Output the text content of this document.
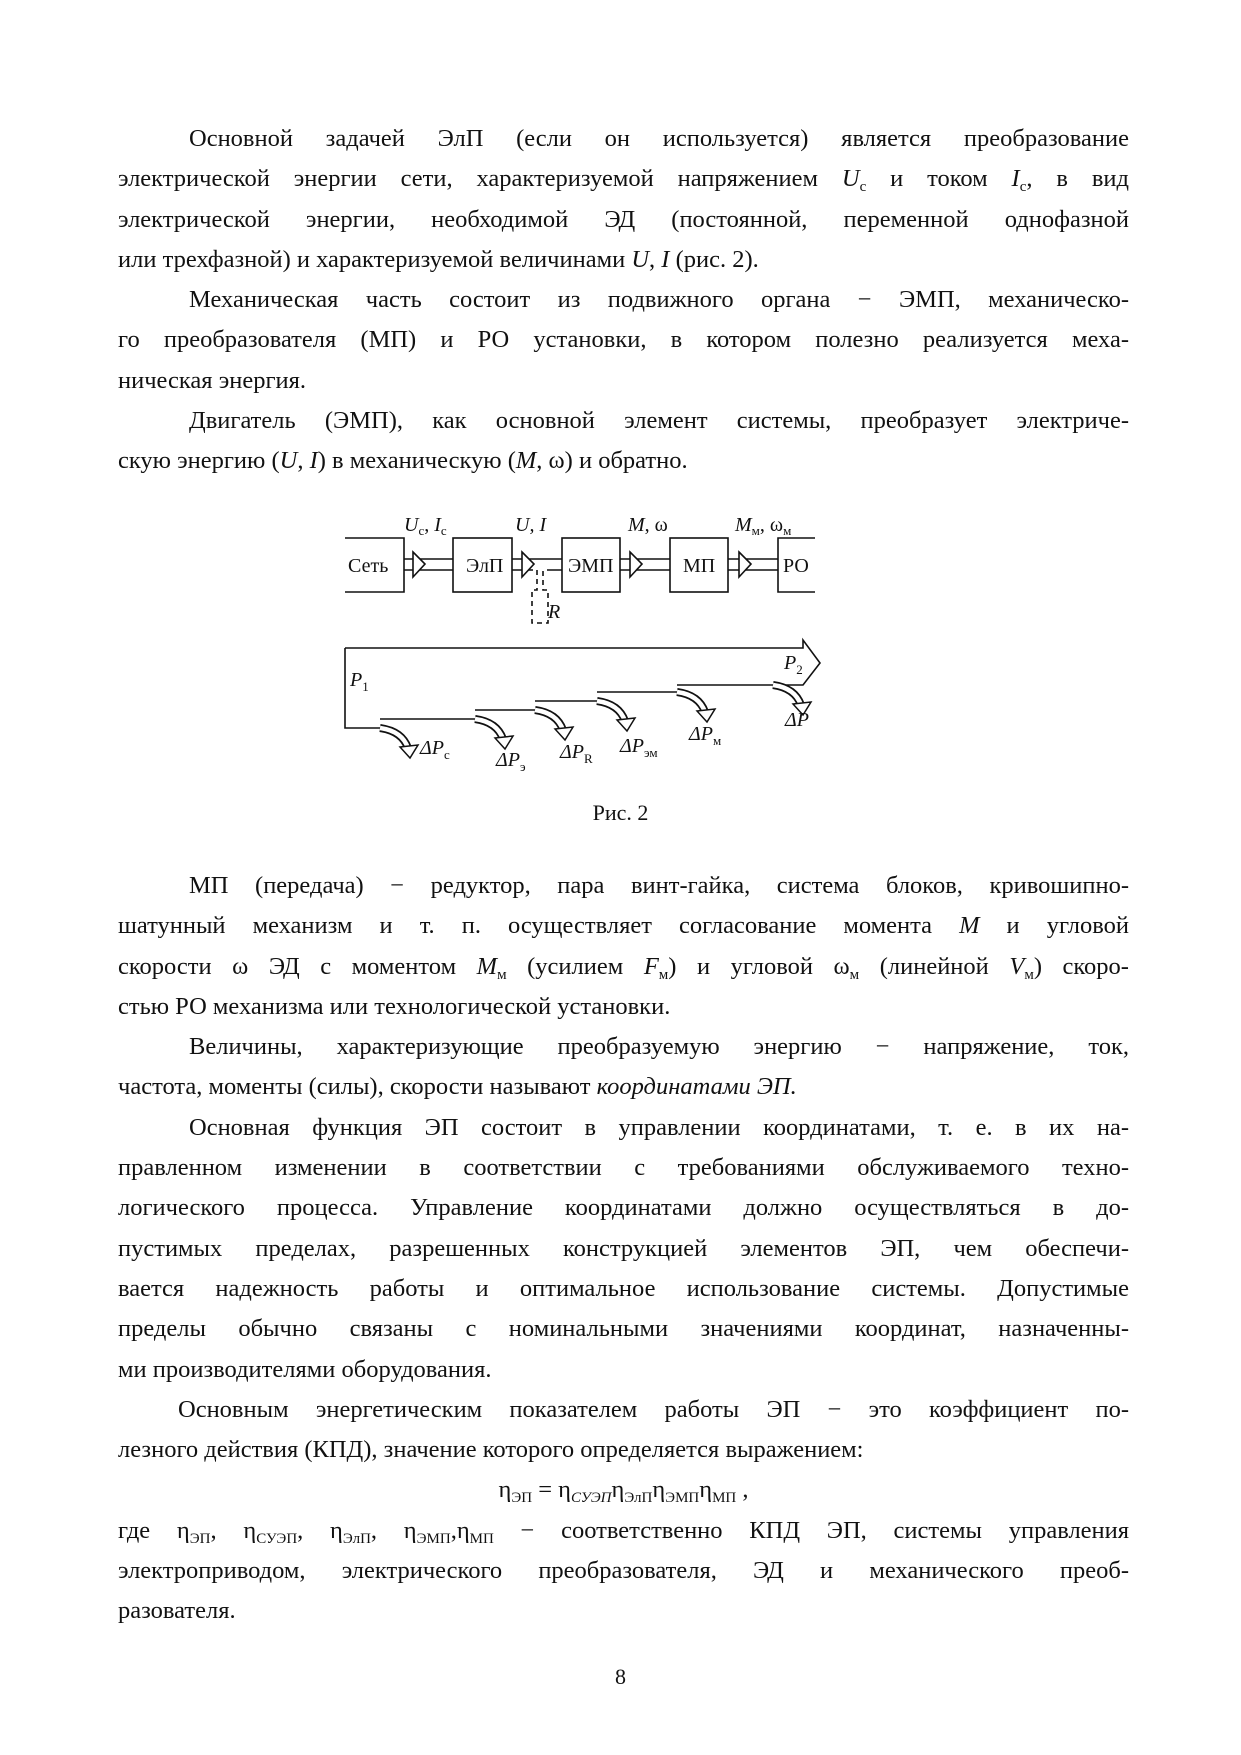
Основной задачей ЭлП (если он используется) является преобразование
электрической энергии сети, характеризуемой напряжением $U_с$ и током $I_с$, в вид
электрической энергии, необходимой ЭД (постоянной, переменной однофазной
или трехфазной) и характеризуемой величинами U, I (рис. 2).
Механическая часть состоит из подвижного органа − ЭМП, механическо-
го преобразователя (МП) и РО установки, в котором полезно реализуется меха-
ническая энергия.
Двигатель (ЭМП), как основной элемент системы, преобразует электриче-
скую энергию (U, I) в механическую (M, ω) и обратно.
Сеть	ЭлП	ЭМП	МП	РО
R
$U_с$, $I_с$	U, I	M, ω	$M_м$, $\omega_м$
$P_1$
$P_2$
$\Delta P_с$ $\Delta P_э$
$\Delta P_R$
$\Delta P_{эм}$
$\Delta P_м$
ΔP
Рис. 2
МП (передача) − редуктор, пара винт-гайка, система блоков, кривошипно-
шатунный механизм и т. п. осуществляет согласование момента M и угловой
скорости ω ЭД с моментом $M_м$ (усилием $F_м$) и угловой $\omega_м$ (линейной $V_м$) скоро-
стью РО механизма или технологической установки.
Величины, характеризующие преобразуемую энергию − напряжение, ток,
частота, моменты (силы), скорости называют координатами ЭП.
Основная функция ЭП состоит в управлении координатами, т. е. в их на-
правленном изменении в соответствии с требованиями обслуживаемого техно-
логического процесса. Управление координатами должно осуществляться в до-
пустимых пределах, разрешенных конструкцией элементов ЭП, чем обеспечи-
вается надежность работы и оптимальное использование системы. Допустимые
пределы обычно связаны с номинальными значениями координат, назначенны-
ми производителями оборудования.
Основным энергетическим показателем работы ЭП − это коэффициент по-
лезного действия (КПД), значение которого определяется выражением:
$\eta_{ЭП} = \eta_{СУЭП}\eta_{ЭлП}\eta_{ЭМП}\eta_{МП}$ ,
где $\eta_{ЭП}$, $\eta_{СУЭП}$, $\eta_{ЭлП}$, $\eta_{ЭМП},\eta_{МП}$ − соответственно КПД ЭП, системы управления
электроприводом, электрического преобразователя, ЭД и механического преоб-
разователя.
8
